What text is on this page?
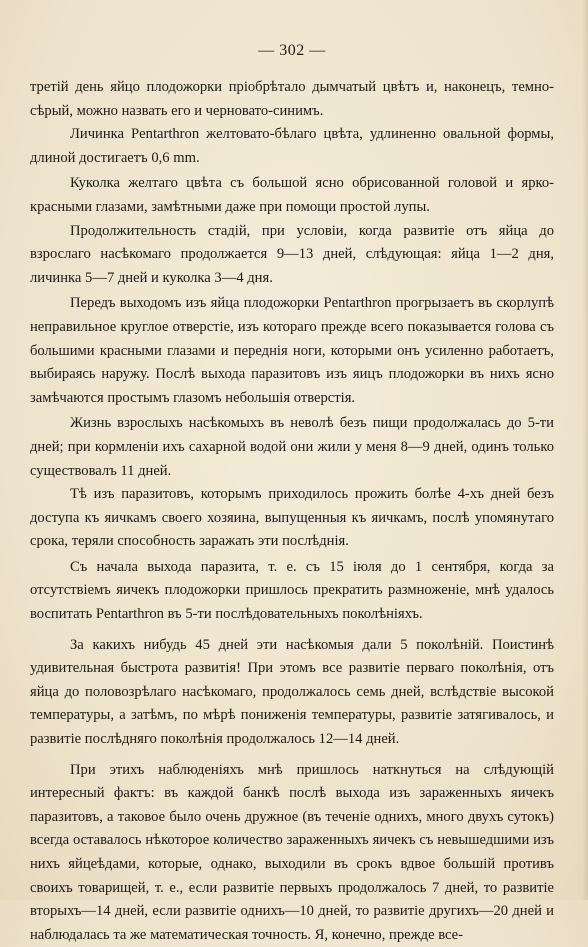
— 302 —

третій день яйцо плодожорки пріобрѣтало дымчатый цвѣтъ и, наконецъ, темно-сѣрый, можно назвать его и черновато-синимъ.

Личинка Pentarthron желтовато-бѣлаго цвѣта, удлиненно овальной формы, длиной достигаетъ 0,6 mm.

Куколка желтаго цвѣта съ большой ясно обрисованной головой и ярко-красными глазами, замѣтными даже при помощи простой лупы.

Продолжительность стадій, при условіи, когда развитіе отъ яйца до взрослаго насѣкомаго продолжается 9—13 дней, слѣдующая: яйца 1—2 дня, личинка 5—7 дней и куколка 3—4 дня.

Передъ выходомъ изъ яйца плодожорки Pentarthron прогрызаетъ въ скорлупѣ неправильное круглое отверстіе, изъ котораго прежде всего показывается голова съ большими красными глазами и переднія ноги, которыми онъ усиленно работаетъ, выбираясь наружу. Послѣ выхода паразитовъ изъ яицъ плодожорки въ нихъ ясно замѣчаются простымъ глазомъ небольшія отверстія.

Жизнь взрослыхъ насѣкомыхъ въ неволѣ безъ пищи продолжалась до 5-ти дней; при кормленіи ихъ сахарной водой они жили у меня 8—9 дней, одинъ только существовалъ 11 дней.

Тѣ изъ паразитовъ, которымъ приходилось прожить болѣе 4-хъ дней безъ доступа къ яичкамъ своего хозяина, выпущенныя къ яичкамъ, послѣ упомянутаго срока, теряли способность заражать эти послѣднія.

Съ начала выхода паразита, т. е. съ 15 іюля до 1 сентября, когда за отсутствіемъ яичекъ плодожорки пришлось прекратить размноженіе, мнѣ удалось воспитать Pentarthron въ 5-ти послѣдовательныхъ поколѣніяхъ.

За какихъ нибудь 45 дней эти насѣкомыя дали 5 поколѣній. Поистинѣ удивительная быстрота развитія! При этомъ все развитіе перваго поколѣнія, отъ яйца до половозрѣлаго насѣкомаго, продолжалось семь дней, вслѣдствіе высокой температуры, а затѣмъ, по мѣрѣ пониженія температуры, развитіе затягивалось, и развитіе послѣдняго поколѣнія продолжалось 12—14 дней.

При этихъ наблюденіяхъ мнѣ пришлось наткнуться на слѣдующій интересный фактъ: въ каждой банкѣ послѣ выхода изъ зараженныхъ яичекъ паразитовъ, а таковое было очень дружное (въ теченіе однихъ, много двухъ сутокъ) всегда оставалось нѣкоторое количество зараженныхъ яичекъ съ невышедшими изъ нихъ яйцеѣдами, которые, однако, выходили въ срокъ вдвое большій противъ своихъ товарищей, т. е., если развитіе первыхъ продолжалось 7 дней, то развитіе вторыхъ—14 дней, если развитіе однихъ—10 дней, то развитіе другихъ—20 дней и наблюдалась та же математическая точность. Я, конечно, прежде все-
